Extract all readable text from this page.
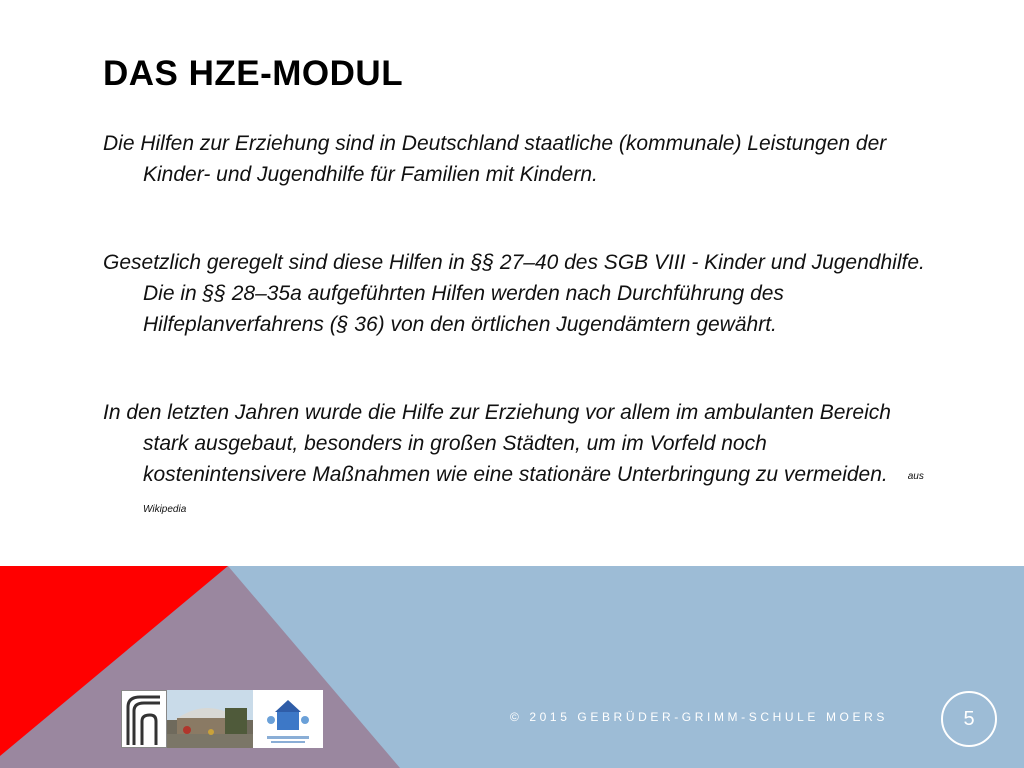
DAS HZE-MODUL

Die Hilfen zur Erziehung sind in Deutschland staatliche (kommunale) Leistungen der Kinder- und Jugendhilfe für Familien mit Kindern.

Gesetzlich geregelt sind diese Hilfen in §§ 27–40 des SGB VIII - Kinder und Jugendhilfe. Die in §§ 28–35a aufgeführten Hilfen werden nach Durchführung des Hilfeplanverfahrens (§ 36) von den örtlichen Jugendämtern gewährt.

In den letzten Jahren wurde die Hilfe zur Erziehung vor allem im ambulanten Bereich stark ausgebaut, besonders in großen Städten, um im Vorfeld noch kostenintensivere Maßnahmen wie eine stationäre Unterbringung zu vermeiden. aus Wikipedia

© 2015 GEBRÜDER-GRIMM-SCHULE MOERS	5
